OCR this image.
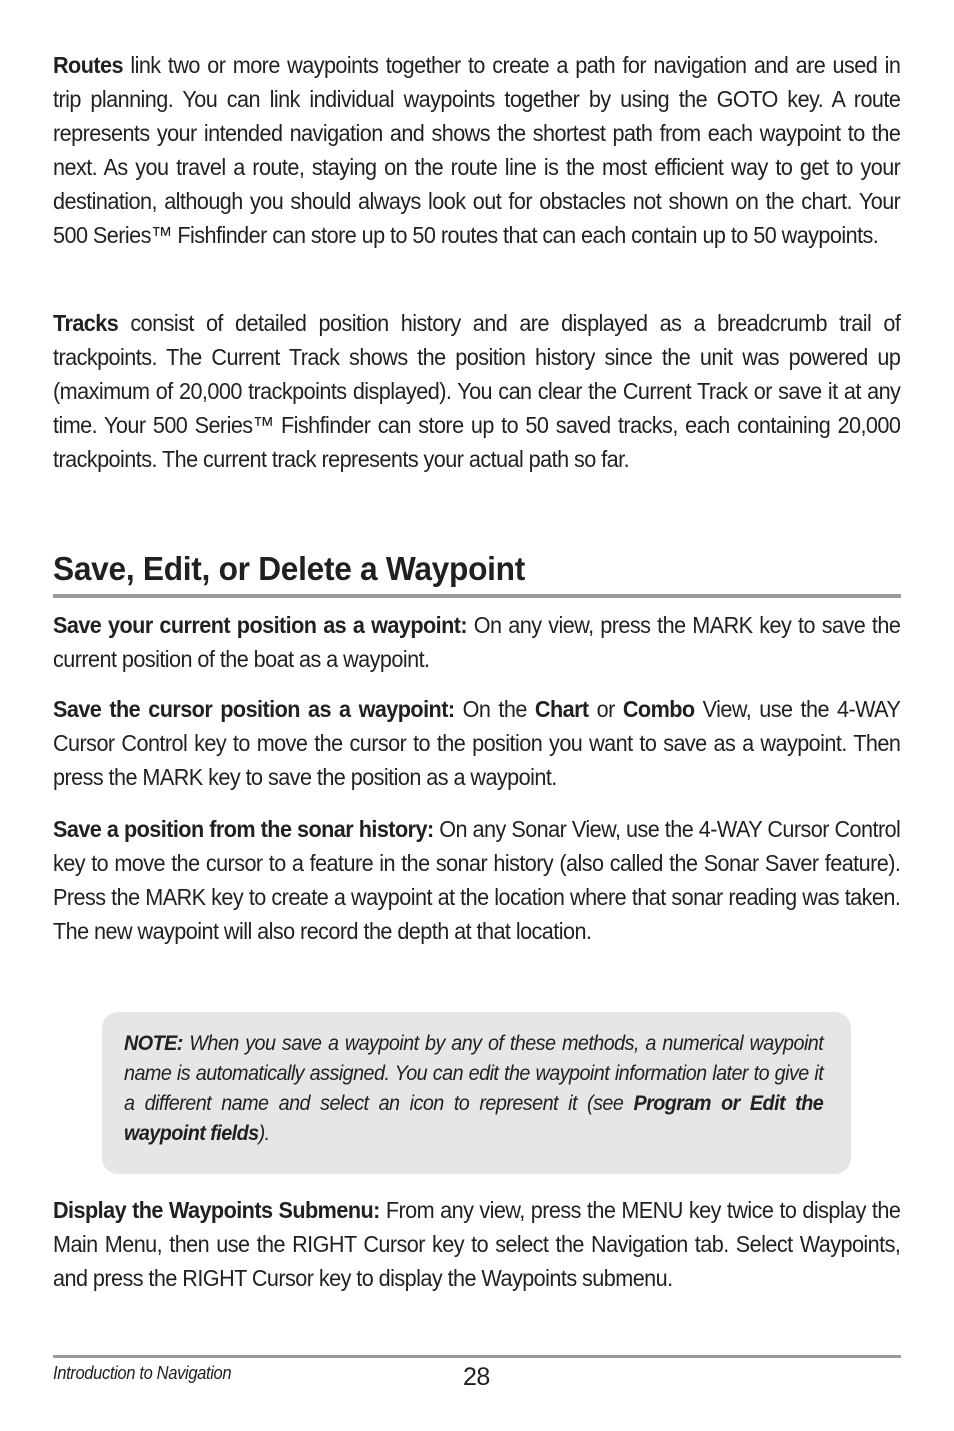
Routes link two or more waypoints together to create a path for navigation and are used in trip planning. You can link individual waypoints together by using the GOTO key. A route represents your intended navigation and shows the shortest path from each waypoint to the next. As you travel a route, staying on the route line is the most efficient way to get to your destination, although you should always look out for obstacles not shown on the chart. Your 500 Series™ Fishfinder can store up to 50 routes that can each contain up to 50 waypoints.

Tracks consist of detailed position history and are displayed as a breadcrumb trail of trackpoints. The Current Track shows the position history since the unit was powered up (maximum of 20,000 trackpoints displayed). You can clear the Current Track or save it at any time. Your 500 Series™ Fishfinder can store up to 50 saved tracks, each containing 20,000 trackpoints. The current track represents your actual path so far.

Save, Edit, or Delete a Waypoint

Save your current position as a waypoint: On any view, press the MARK key to save the current position of the boat as a waypoint.

Save the cursor position as a waypoint: On the Chart or Combo View, use the 4-WAY Cursor Control key to move the cursor to the position you want to save as a waypoint. Then press the MARK key to save the position as a waypoint.

Save a position from the sonar history: On any Sonar View, use the 4-WAY Cursor Control key to move the cursor to a feature in the sonar history (also called the Sonar Saver feature). Press the MARK key to create a waypoint at the location where that sonar reading was taken. The new waypoint will also record the depth at that location.

NOTE: When you save a waypoint by any of these methods, a numerical waypoint name is automatically assigned. You can edit the waypoint information later to give it a different name and select an icon to represent it (see Program or Edit the waypoint fields).

Display the Waypoints Submenu: From any view, press the MENU key twice to display the Main Menu, then use the RIGHT Cursor key to select the Navigation tab. Select Waypoints, and press the RIGHT Cursor key to display the Waypoints submenu.

Introduction to Navigation	28
